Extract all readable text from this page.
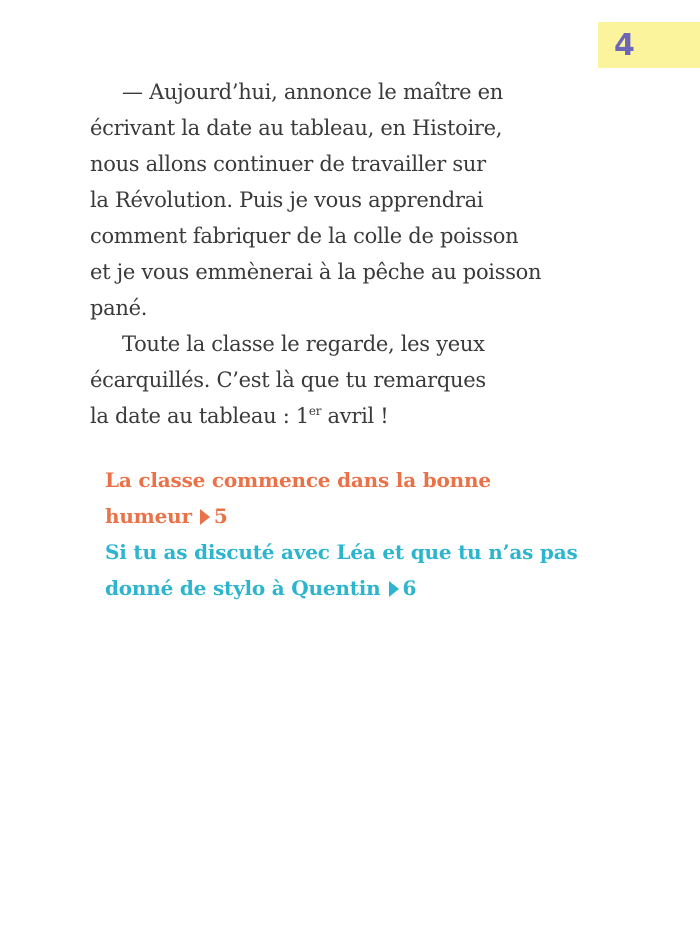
4
— Aujourd’hui, annonce le maître en
écrivant la date au tableau, en Histoire,
nous allons continuer de travailler sur
la Révolution. Puis je vous apprendrai
comment fabriquer de la colle de poisson
et je vous emmènerai à la pêche au poisson
pané.
Toute la classe le regarde, les yeux
écarquillés. C’est là que tu remarques
la date au tableau : 1er avril !
La classe commence dans la bonne
humeur 5
Si tu as discuté avec Léa et que tu n’as pas
donné de stylo à Quentin 6
